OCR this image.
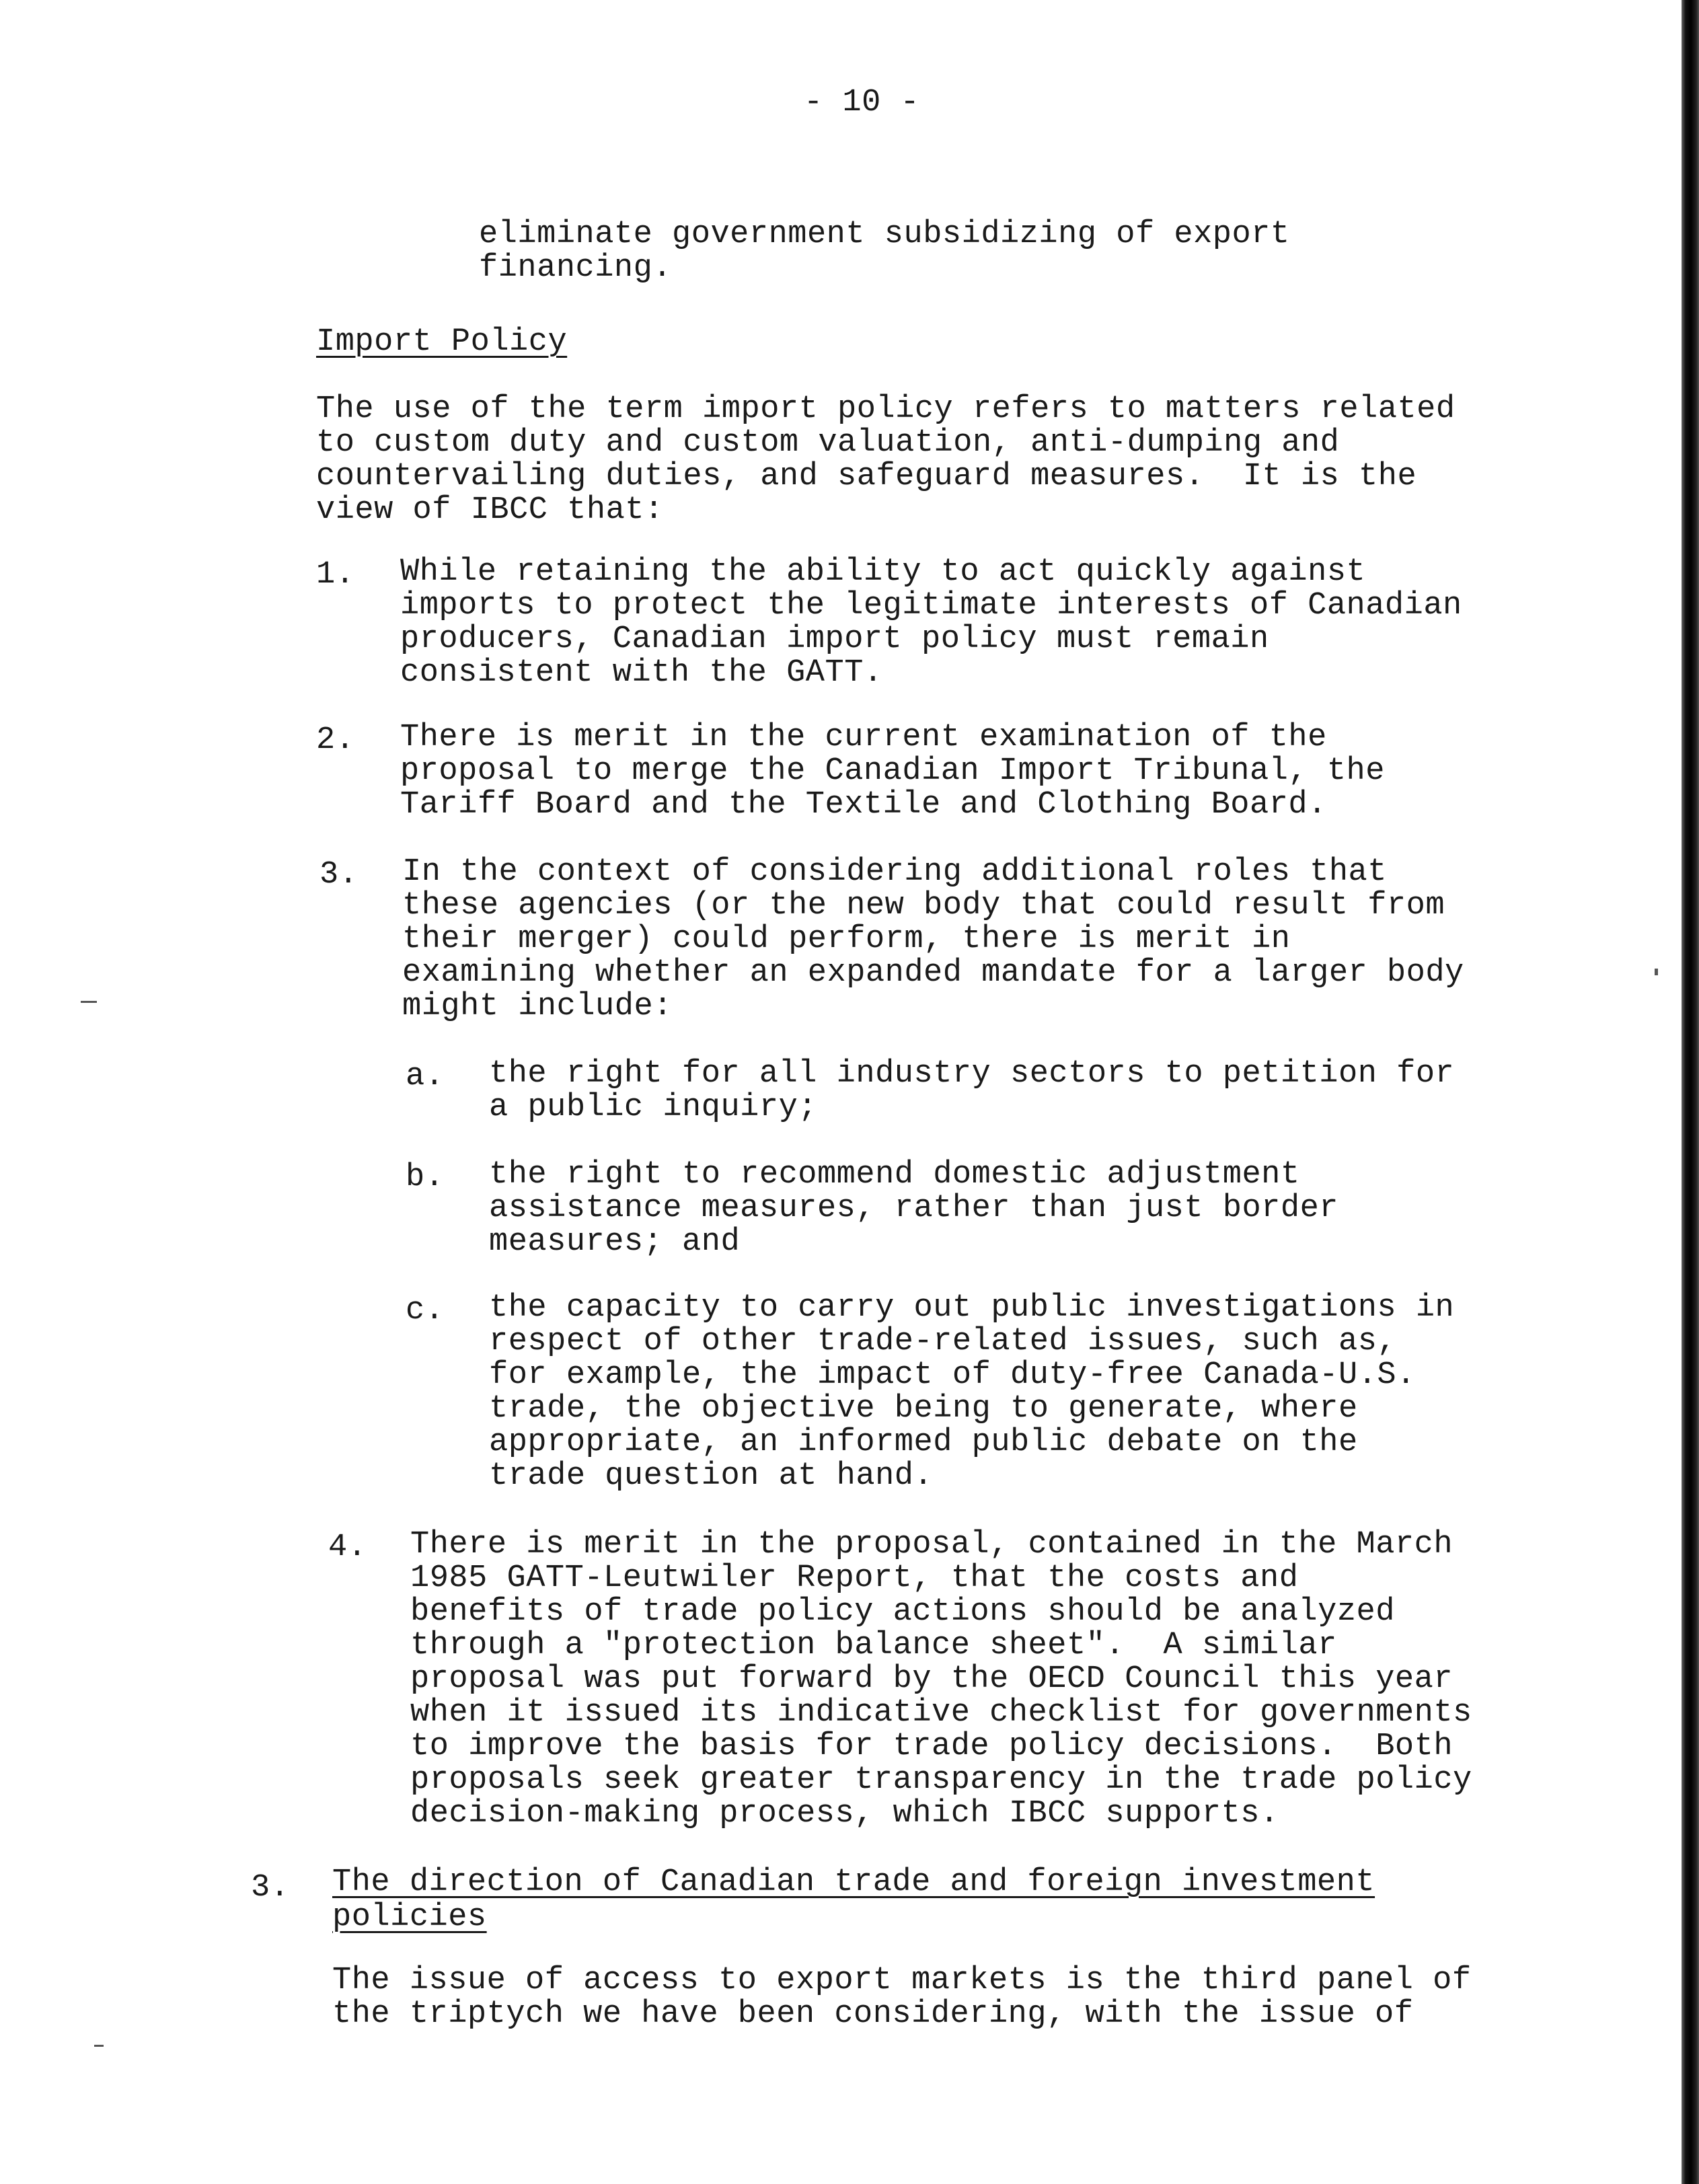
- 10 -
eliminate government subsidizing of export
financing.
Import Policy
The use of the term import policy refers to matters related
to custom duty and custom valuation, anti-dumping and
countervailing duties, and safeguard measures.  It is the
view of IBCC that:
1. While retaining the ability to act quickly against
imports to protect the legitimate interests of Canadian
producers, Canadian import policy must remain
consistent with the GATT.
2. There is merit in the current examination of the
proposal to merge the Canadian Import Tribunal, the
Tariff Board and the Textile and Clothing Board.
3. In the context of considering additional roles that
these agencies (or the new body that could result from
their merger) could perform, there is merit in
examining whether an expanded mandate for a larger body
might include:
a. the right for all industry sectors to petition for
a public inquiry;
b. the right to recommend domestic adjustment
assistance measures, rather than just border
measures; and
c. the capacity to carry out public investigations in
respect of other trade-related issues, such as,
for example, the impact of duty-free Canada-U.S.
trade, the objective being to generate, where
appropriate, an informed public debate on the
trade question at hand.
4. There is merit in the proposal, contained in the March
1985 GATT-Leutwiler Report, that the costs and
benefits of trade policy actions should be analyzed
through a "protection balance sheet".  A similar
proposal was put forward by the OECD Council this year
when it issued its indicative checklist for governments
to improve the basis for trade policy decisions.  Both
proposals seek greater transparency in the trade policy
decision-making process, which IBCC supports.
3. The direction of Canadian trade and foreign investment
policies
The issue of access to export markets is the third panel of
the triptych we have been considering, with the issue of
